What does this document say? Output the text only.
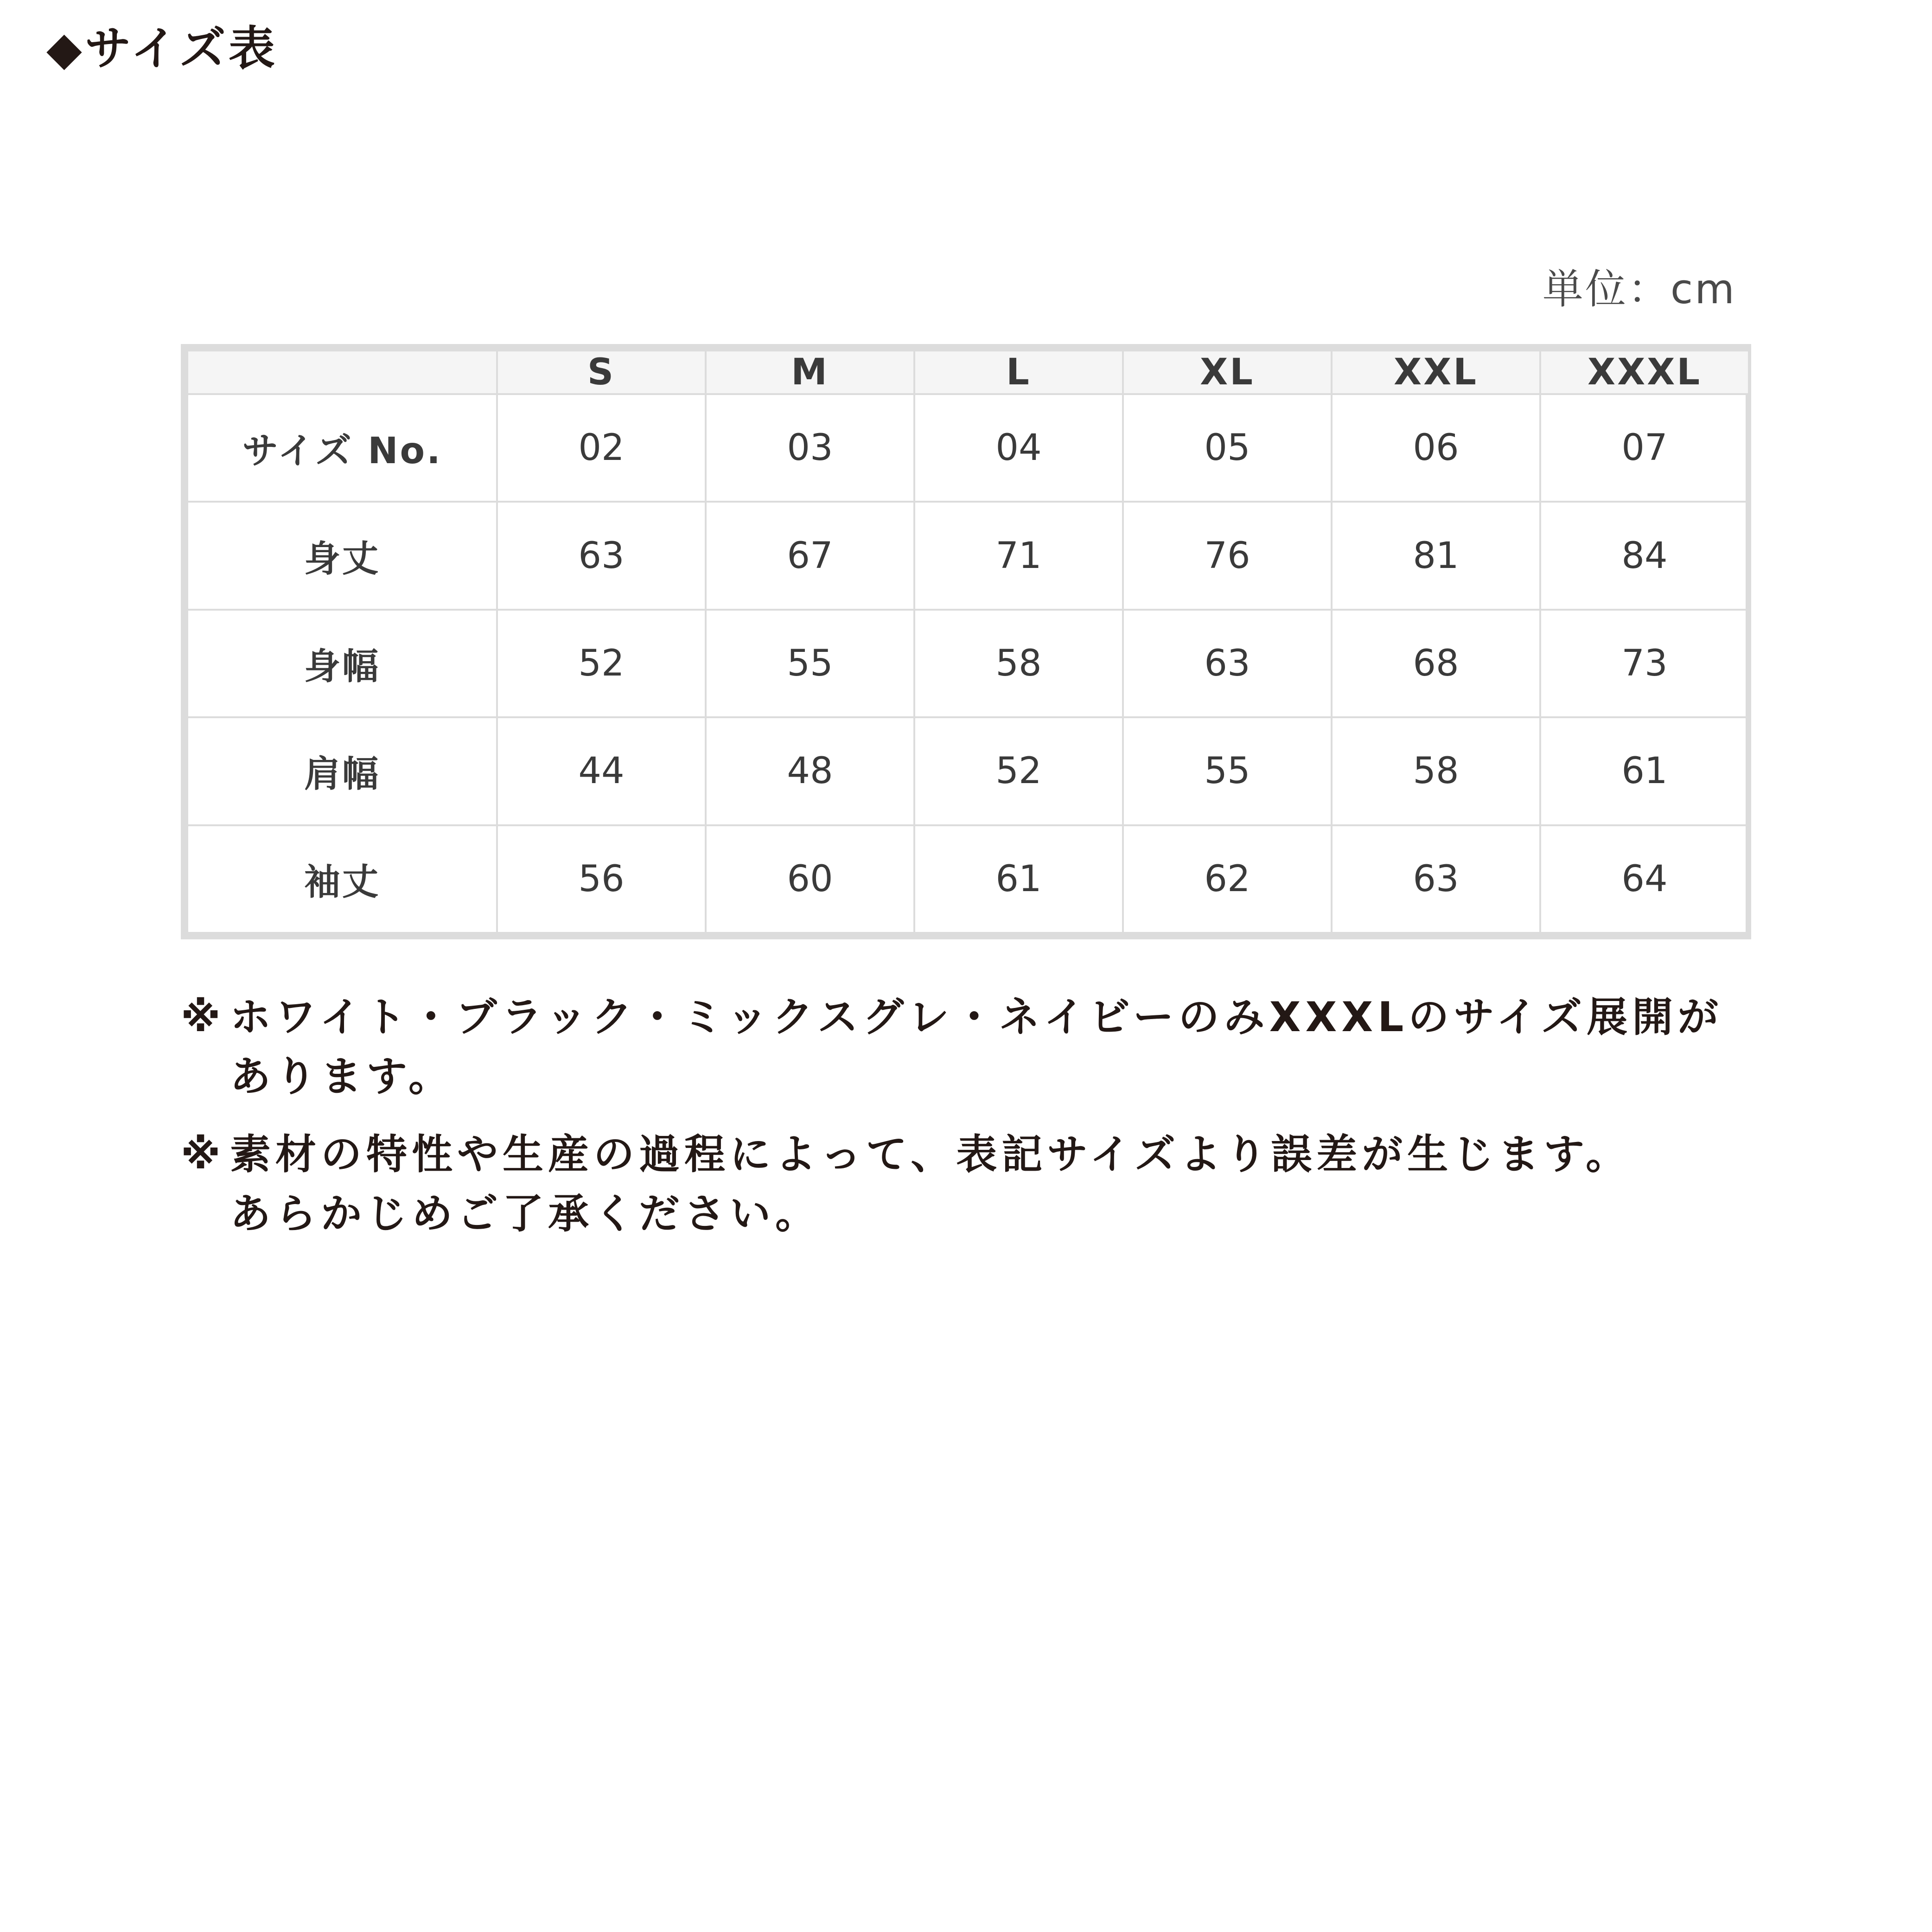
◆サイズ表
単位：cm
	S	M	L	XL	XXL	XXXL
サイズ No.	02	03	04	05	06	07
身丈	63	67	71	76	81	84
身幅	52	55	58	63	68	73
肩幅	44	48	52	55	58	61
袖丈	56	60	61	62	63	64
※ ホワイト・ブラック・ミックスグレ・ネイビーのみXXXLのサイズ展開が
あります。
※ 素材の特性や生産の過程によって、表記サイズより誤差が生じます。
あらかじめご了承ください。
